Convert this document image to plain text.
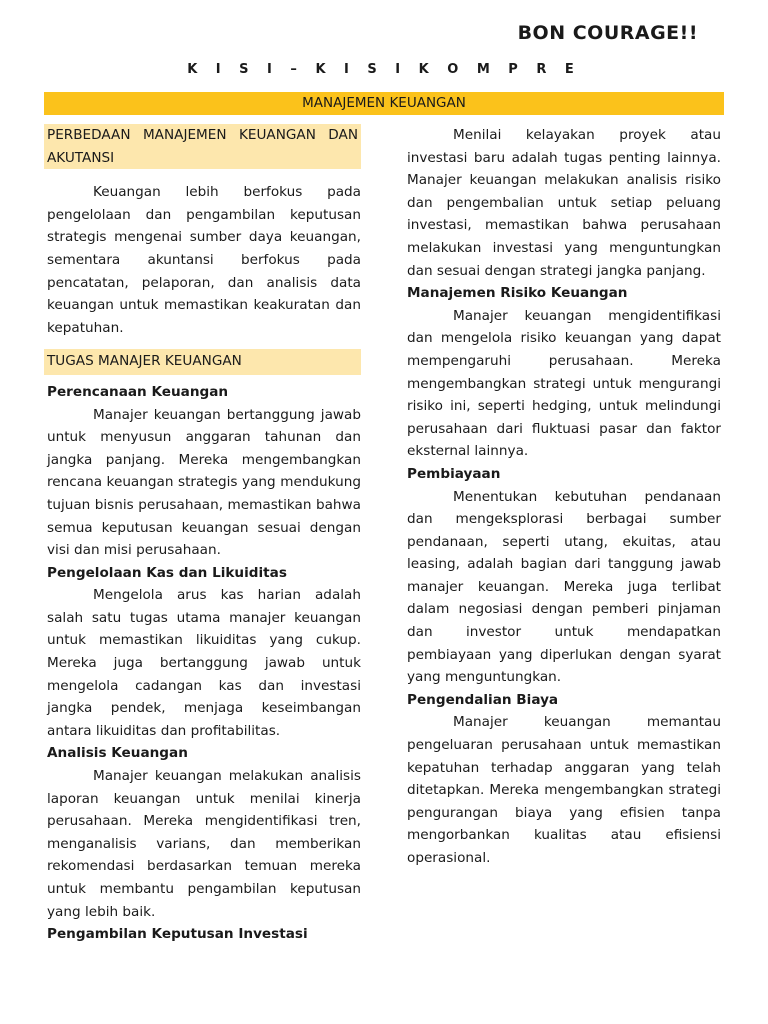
BON COURAGE!!
K I S I – K I S I K O M P R E
MANAJEMEN KEUANGAN
PERBEDAAN MANAJEMEN KEUANGAN DAN AKUTANSI

Keuangan lebih berfokus pada pengelolaan dan pengambilan keputusan strategis mengenai sumber daya keuangan, sementara akuntansi berfokus pada pencatatan, pelaporan, dan analisis data keuangan untuk memastikan keakuratan dan kepatuhan.

TUGAS MANAJER KEUANGAN

Perencanaan Keuangan

Manajer keuangan bertanggung jawab untuk menyusun anggaran tahunan dan jangka panjang. Mereka mengembangkan rencana keuangan strategis yang mendukung tujuan bisnis perusahaan, memastikan bahwa semua keputusan keuangan sesuai dengan visi dan misi perusahaan.

Pengelolaan Kas dan Likuiditas

Mengelola arus kas harian adalah salah satu tugas utama manajer keuangan untuk memastikan likuiditas yang cukup. Mereka juga bertanggung jawab untuk mengelola cadangan kas dan investasi jangka pendek, menjaga keseimbangan antara likuiditas dan profitabilitas.

Analisis Keuangan

Manajer keuangan melakukan analisis laporan keuangan untuk menilai kinerja perusahaan. Mereka mengidentifikasi tren, menganalisis varians, dan memberikan rekomendasi berdasarkan temuan mereka untuk membantu pengambilan keputusan yang lebih baik.

Pengambilan Keputusan Investasi

Menilai kelayakan proyek atau investasi baru adalah tugas penting lainnya. Manajer keuangan melakukan analisis risiko dan pengembalian untuk setiap peluang investasi, memastikan bahwa perusahaan melakukan investasi yang menguntungkan dan sesuai dengan strategi jangka panjang.

Manajemen Risiko Keuangan

Manajer keuangan mengidentifikasi dan mengelola risiko keuangan yang dapat mempengaruhi perusahaan. Mereka mengembangkan strategi untuk mengurangi risiko ini, seperti hedging, untuk melindungi perusahaan dari fluktuasi pasar dan faktor eksternal lainnya.

Pembiayaan

Menentukan kebutuhan pendanaan dan mengeksplorasi berbagai sumber pendanaan, seperti utang, ekuitas, atau leasing, adalah bagian dari tanggung jawab manajer keuangan. Mereka juga terlibat dalam negosiasi dengan pemberi pinjaman dan investor untuk mendapatkan pembiayaan yang diperlukan dengan syarat yang menguntungkan.

Pengendalian Biaya

Manajer keuangan memantau pengeluaran perusahaan untuk memastikan kepatuhan terhadap anggaran yang telah ditetapkan. Mereka mengembangkan strategi pengurangan biaya yang efisien tanpa mengorbankan kualitas atau efisiensi operasional.
